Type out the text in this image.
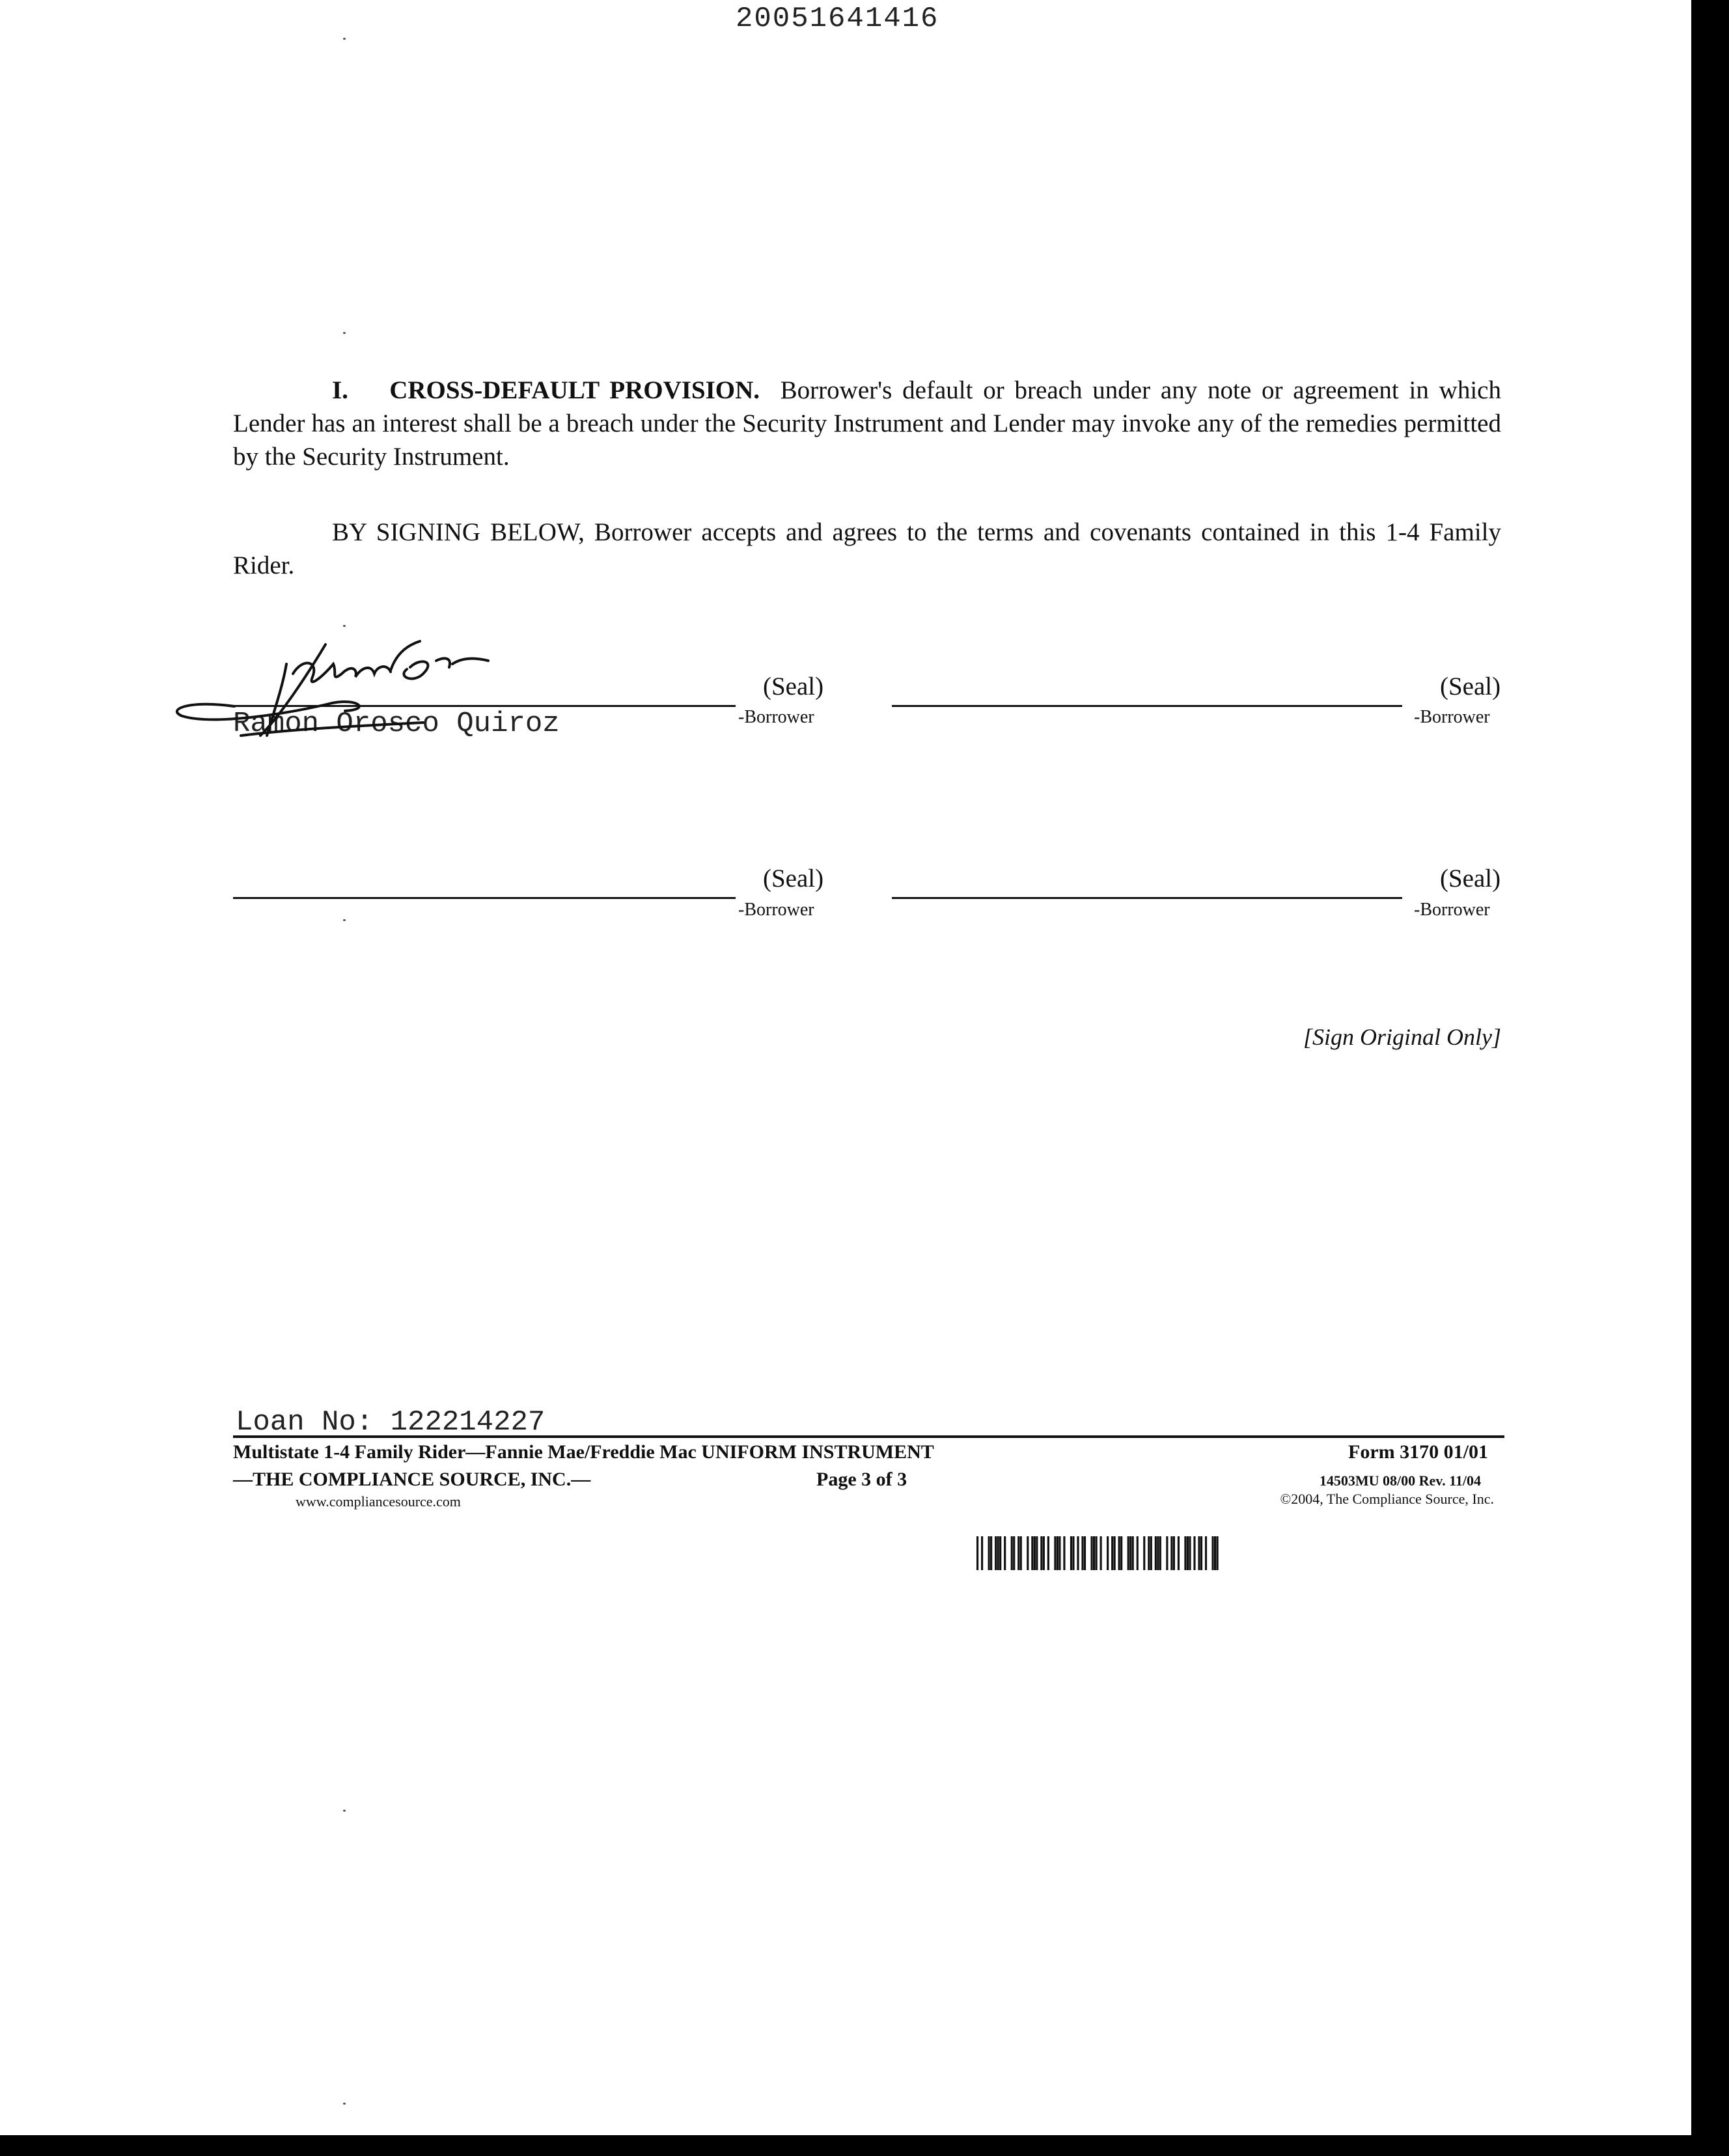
20051641416

I. CROSS-DEFAULT PROVISION. Borrower's default or breach under any note or agreement in which Lender has an interest shall be a breach under the Security Instrument and Lender may invoke any of the remedies permitted by the Security Instrument.

BY SIGNING BELOW, Borrower accepts and agrees to the terms and covenants contained in this 1-4 Family Rider.

(Seal)
-Borrower
Ramon Orosco Quiroz
(Seal)
-Borrower
(Seal)
-Borrower
(Seal)
-Borrower
[Sign Original Only]
Loan No: 122214227
Multistate 1-4 Family Rider—Fannie Mae/Freddie Mac UNIFORM INSTRUMENT
—THE COMPLIANCE SOURCE, INC.—
www.compliancesource.com
Page 3 of 3
Form 3170 01/01
14503MU 08/00 Rev. 11/04
©2004, The Compliance Source, Inc.
